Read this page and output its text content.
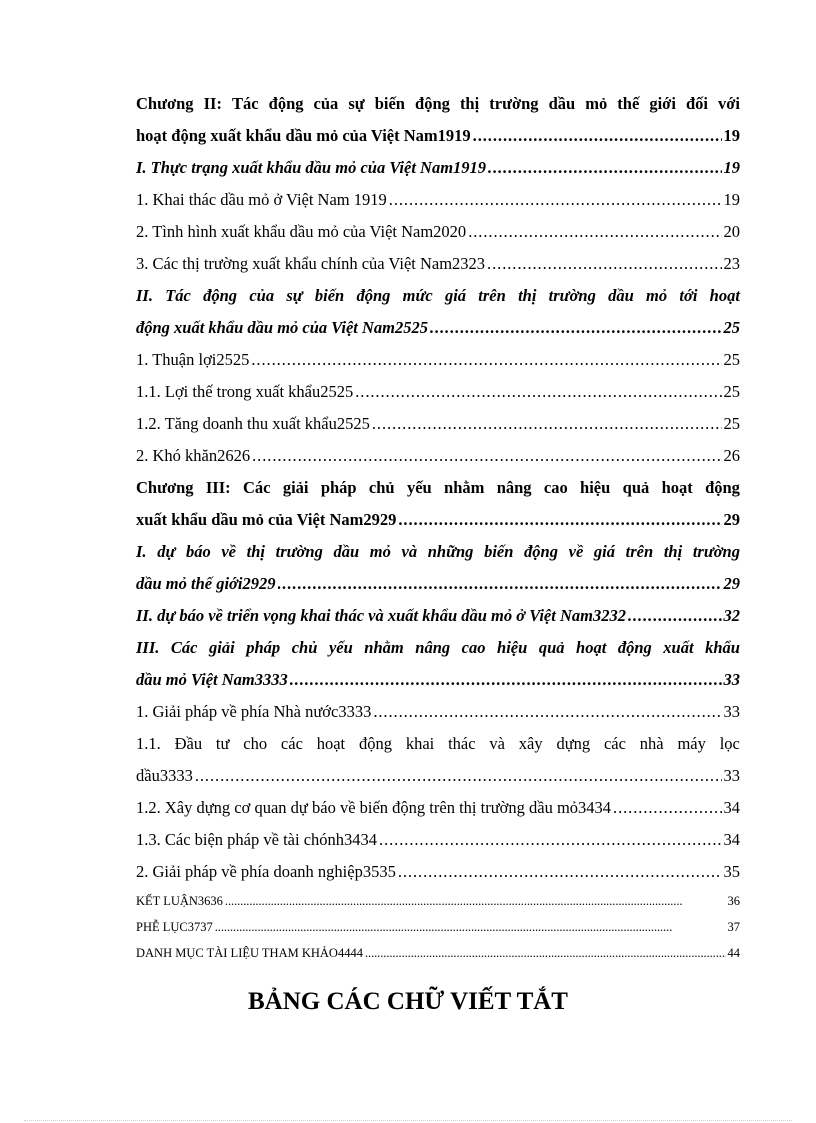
Chương II: Tác động của sự biến động thị trường dầu mỏ thế giới đối với
hoạt động xuất khẩu dầu mỏ của Việt Nam1919 . . .	19
I. Thực trạng xuất khẩu dầu mỏ của Việt Nam1919 . . .	19
1. Khai thác dầu mỏ ở Việt Nam 1919 . . .	19
2. Tình hình xuất khẩu dầu mỏ của Việt Nam2020 . . .	20
3. Các thị trường xuất khẩu chính của Việt Nam2323 . . .	23
II. Tác động của sự biến động mức giá trên thị trường dầu mỏ tới hoạt
động xuất khẩu dầu mỏ của Việt Nam2525 . . .	25
1. Thuận lợi2525 . . .	25
1.1. Lợi thế trong xuất khẩu2525 . . .	25
1.2. Tăng doanh thu xuất khẩu2525 . . .	25
2. Khó khăn2626 . . .	26
Chương III: Các giải pháp chủ yếu nhằm nâng cao hiệu quả hoạt động
xuất khẩu dầu mỏ của Việt Nam2929 . . .	29
I. dự báo về thị trường dầu mỏ và những biến động về giá trên thị trường
dầu mỏ thế giới2929 . . .	29
II. dự báo về triển vọng khai thác và xuất khẩu dầu mỏ ở Việt Nam3232 . . .	32
III. Các giải pháp chủ yếu nhằm nâng cao hiệu quả hoạt động xuất khẩu
dầu mỏ Việt Nam3333 . . .	33
1. Giải pháp về phía Nhà nước3333 . . .	33
1.1. Đầu tư cho các hoạt động khai thác và xây dựng các nhà máy lọc
dầu3333 . . .	33
1.2. Xây dựng cơ quan dự báo về biến động trên thị trường dầu mỏ3434 . . .	34
1.3. Các biện pháp về tài chónh3434 . . .	34
2. Giải pháp về phía doanh nghiệp3535 . . .	35
KẾT LUẬN3636 . . .	36
PHỄ LỤC3737 . . .	37
DANH MỤC TÀI LIỆU THAM KHẢO4444 . . .	44
BẢNG CÁC CHỮ VIẾT TẮT
